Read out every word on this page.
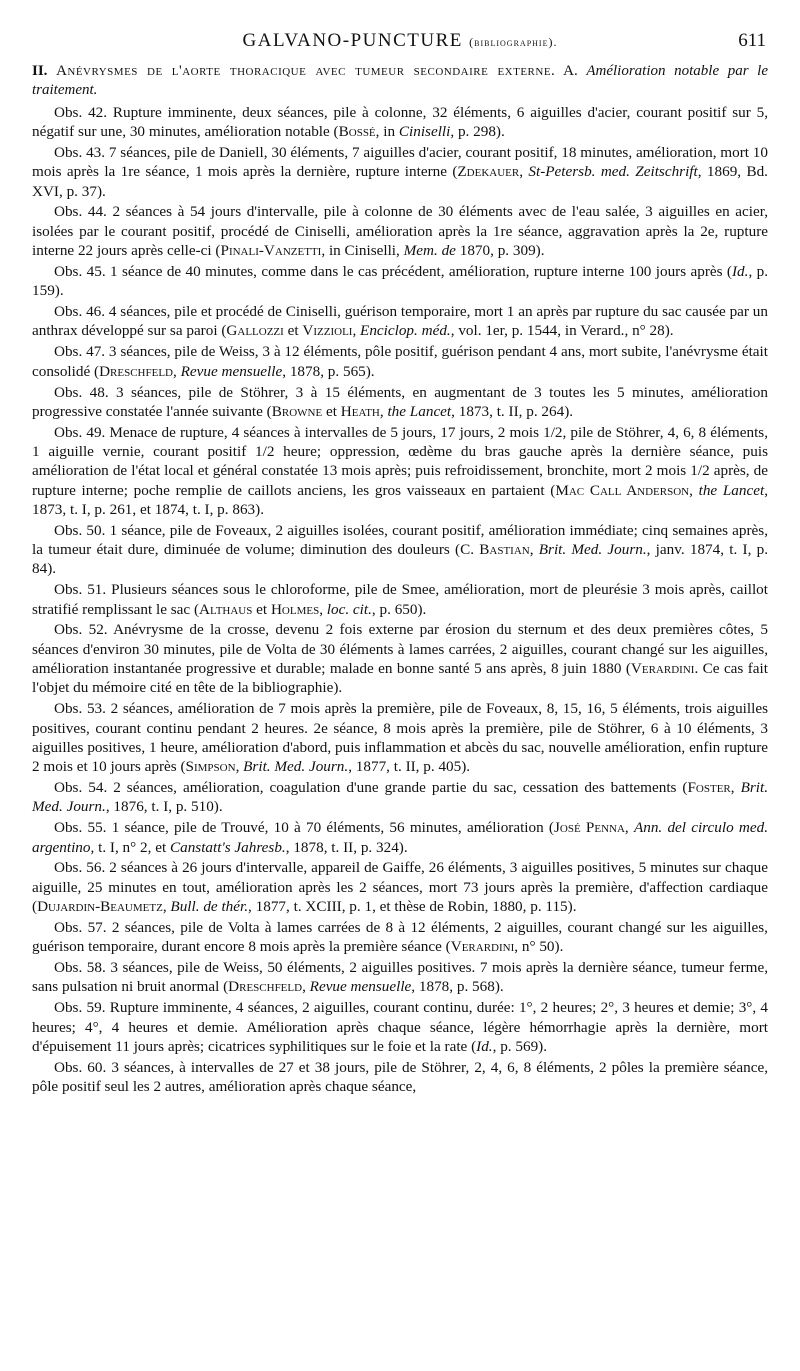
GALVANO-PUNCTURE (bibliographie).	611

II. Anévrysmes de l'aorte thoracique avec tumeur secondaire externe. A. Amélioration notable par le traitement.

Obs. 42. Rupture imminente, deux séances, pile à colonne, 32 éléments, 6 aiguilles d'acier, courant positif sur 5, négatif sur une, 30 minutes, amélioration notable (Bossé, in Ciniselli, p. 298).

Obs. 43. 7 séances, pile de Daniell, 30 éléments, 7 aiguilles d'acier, courant positif, 18 minutes, amélioration, mort 10 mois après la 1re séance, 1 mois après la dernière, rupture interne (Zdekauer, St-Petersb. med. Zeitschrift, 1869, Bd. XVI, p. 37).

Obs. 44. 2 séances à 54 jours d'intervalle, pile à colonne de 30 éléments avec de l'eau salée, 3 aiguilles en acier, isolées par le courant positif, procédé de Ciniselli, amélioration après la 1re séance, aggravation après la 2e, rupture interne 22 jours après celle-ci (Pinali-Vanzetti, in Ciniselli, Mem. de 1870, p. 309).

Obs. 45. 1 séance de 40 minutes, comme dans le cas précédent, amélioration, rupture interne 100 jours après (Id., p. 159).

Obs. 46. 4 séances, pile et procédé de Ciniselli, guérison temporaire, mort 1 an après par rupture du sac causée par un anthrax développé sur sa paroi (Gallozzi et Vizzioli, Enciclop. méd., vol. 1er, p. 1544, in Verard., n° 28).

Obs. 47. 3 séances, pile de Weiss, 3 à 12 éléments, pôle positif, guérison pendant 4 ans, mort subite, l'anévrysme était consolidé (Dreschfeld, Revue mensuelle, 1878, p. 565).

Obs. 48. 3 séances, pile de Stöhrer, 3 à 15 éléments, en augmentant de 3 toutes les 5 minutes, amélioration progressive constatée l'année suivante (Browne et Heath, the Lancet, 1873, t. II, p. 264).

Obs. 49. Menace de rupture, 4 séances à intervalles de 5 jours, 17 jours, 2 mois 1/2, pile de Stöhrer, 4, 6, 8 éléments, 1 aiguille vernie, courant positif 1/2 heure; oppression, œdème du bras gauche après la dernière séance, puis amélioration de l'état local et général constatée 13 mois après; puis refroidissement, bronchite, mort 2 mois 1/2 après, de rupture interne; poche remplie de caillots anciens, les gros vaisseaux en partaient (Mac Call Anderson, the Lancet, 1873, t. I, p. 261, et 1874, t. I, p. 863).

Obs. 50. 1 séance, pile de Foveaux, 2 aiguilles isolées, courant positif, amélioration immédiate; cinq semaines après, la tumeur était dure, diminuée de volume; diminution des douleurs (C. Bastian, Brit. Med. Journ., janv. 1874, t. I, p. 84).

Obs. 51. Plusieurs séances sous le chloroforme, pile de Smee, amélioration, mort de pleurésie 3 mois après, caillot stratifié remplissant le sac (Althaus et Holmes, loc. cit., p. 650).

Obs. 52. Anévrysme de la crosse, devenu 2 fois externe par érosion du sternum et des deux premières côtes, 5 séances d'environ 30 minutes, pile de Volta de 30 éléments à lames carrées, 2 aiguilles, courant changé sur les aiguilles, amélioration instantanée progressive et durable; malade en bonne santé 5 ans après, 8 juin 1880 (Verardini. Ce cas fait l'objet du mémoire cité en tête de la bibliographie).

Obs. 53. 2 séances, amélioration de 7 mois après la première, pile de Foveaux, 8, 15, 16, 5 éléments, trois aiguilles positives, courant continu pendant 2 heures. 2e séance, 8 mois après la première, pile de Stöhrer, 6 à 10 éléments, 3 aiguilles positives, 1 heure, amélioration d'abord, puis inflammation et abcès du sac, nouvelle amélioration, enfin rupture 2 mois et 10 jours après (Simpson, Brit. Med. Journ., 1877, t. II, p. 405).

Obs. 54. 2 séances, amélioration, coagulation d'une grande partie du sac, cessation des battements (Foster, Brit. Med. Journ., 1876, t. I, p. 510).

Obs. 55. 1 séance, pile de Trouvé, 10 à 70 éléments, 56 minutes, amélioration (José Penna, Ann. del circulo med. argentino, t. I, n° 2, et Canstatt's Jahresb., 1878, t. II, p. 324).

Obs. 56. 2 séances à 26 jours d'intervalle, appareil de Gaiffe, 26 éléments, 3 aiguilles positives, 5 minutes sur chaque aiguille, 25 minutes en tout, amélioration après les 2 séances, mort 73 jours après la première, d'affection cardiaque (Dujardin-Beaumetz, Bull. de thér., 1877, t. XCIII, p. 1, et thèse de Robin, 1880, p. 115).

Obs. 57. 2 séances, pile de Volta à lames carrées de 8 à 12 éléments, 2 aiguilles, courant changé sur les aiguilles, guérison temporaire, durant encore 8 mois après la première séance (Verardini, n° 50).

Obs. 58. 3 séances, pile de Weiss, 50 éléments, 2 aiguilles positives. 7 mois après la dernière séance, tumeur ferme, sans pulsation ni bruit anormal (Dreschfeld, Revue mensuelle, 1878, p. 568).

Obs. 59. Rupture imminente, 4 séances, 2 aiguilles, courant continu, durée: 1°, 2 heures; 2°, 3 heures et demie; 3°, 4 heures; 4°, 4 heures et demie. Amélioration après chaque séance, légère hémorrhagie après la dernière, mort d'épuisement 11 jours après; cicatrices syphilitiques sur le foie et la rate (Id., p. 569).

Obs. 60. 3 séances, à intervalles de 27 et 38 jours, pile de Stöhrer, 2, 4, 6, 8 éléments, 2 pôles la première séance, pôle positif seul les 2 autres, amélioration après chaque séance,
